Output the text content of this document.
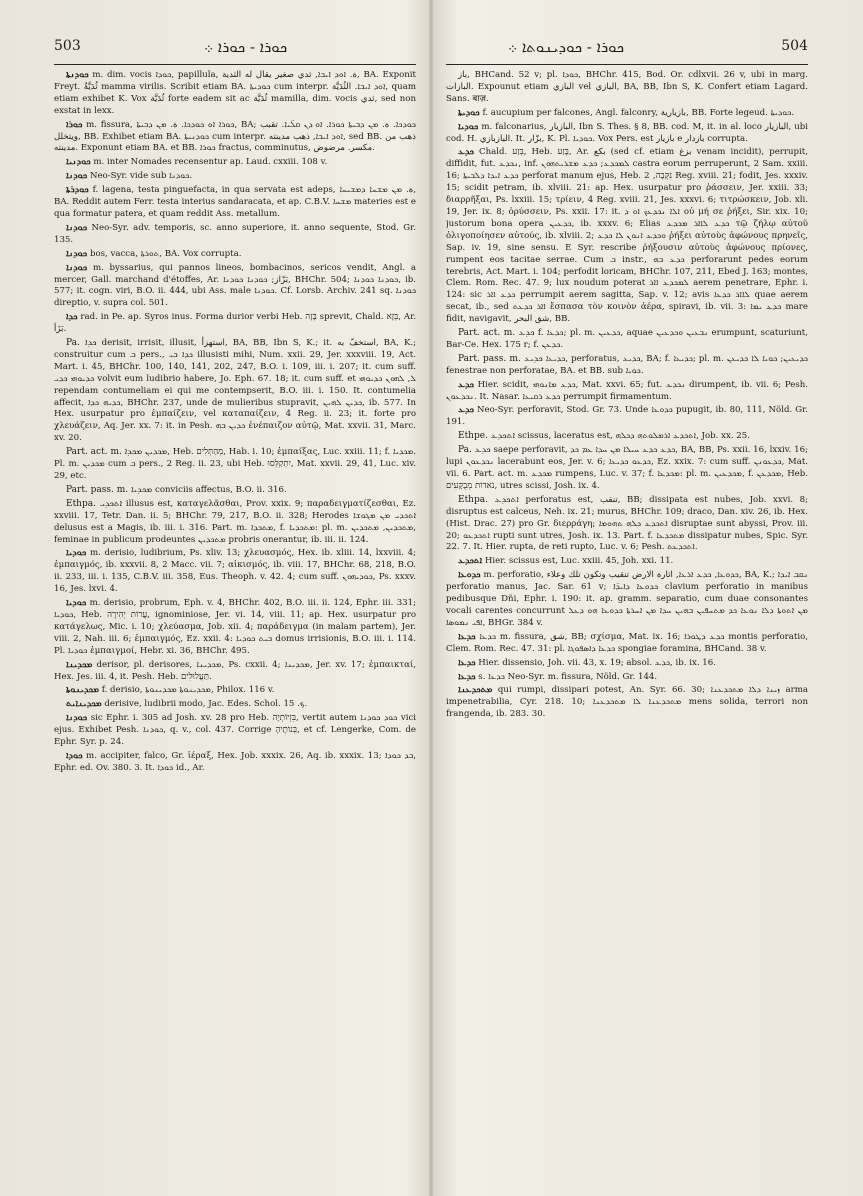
503	ܟܘܪܐ - ܟܘܪܐ ܀	ܟܘܪܐ - ܟܘܕܝܢܘܬܐ ܀	504

ܟܘܕܢܬܐ m. dim. vocis ܟܘܕܐ, papillula, ة. ܐܘܕ ܐܝܒܐ, ثدي صغير يقال له الثدية, BA. Exponit Freyt. ثُدَيَّةٌ mamma virilis. Scribit etiam BA. ܟܘܕܝܬܐ cum interpr. ܐܘܕ ܐܝܒܐ. الثُدَيَّة, quam etiam exhibet K. Vox ثُدَيَّة forte eadem sit ac ثُدَيَّة mamilla, dim. vocis ثدي, sed non exstat in lexx.

ܟܘܪܐ m. fissura, ܟܘܪܐ ܐܘ ܟܘܕܟܐ. ة. ܡܢ ܕܒܝܬܐ, BA; ܟܘܕܟܐ. ة. ܡܢ ܕܒܝܬܐ ܟܘܪܐ. ܐܘ ܕܢ ܩܠ̈ܝܐ. تقبب ويتخلل, BB. Exhibet etiam BA. ܟܘܕܢܝܬܐ cum interpr. ܐܘܕ ܐܝܒܐ, ذهب مدينته, sed BB. ذهب من مدينته. Exponunt etiam BA. et BB. ܟܘܪܐ fractus, comminutus, مكسر. مرضوض.

ܟܘܕܢܝܐ m. inter Nomades recensentur ap. Laud. cxxiii. 108 v.

ܟܘܕܢܐ Neo-Syr. vide sub ܟܘܕܢܐ.

ܟܘܕܪܬܐ f. lagena, testa pinguefacta, in qua servata est adeps, ة. ܡܢ ܡܫܚܐ ܕܡܫܝܚܐ, BA. Reddit autem Ferr. testa interius sandaracata, et ap. C.B.V. ܡܫܚܐ materies est e qua formatur patera, et quam reddit Ass. metallum.

ܟܘܕܢܐ Neo-Syr. adv. temporis, sc. anno superiore, it. anno sequente, Stod. Gr. 135.

ܟܘܕܢܐ bos, vacca, ܬܘܪܬܐ, BA. Vox corrupta.

ܟܘܕܢܐ m. byssarius, qui pannos lineos, bombacinos, sericos vendit, Angl. a mercer, Gall. marchand d'étoffes, Ar. بَزّاز; ܟܘܕܢܐ ܟܘܕܢܐ, BHChr. 504; ܟܘܕܢܐ ܟܘܕܢܐ, ib. 577; it. cogn. viri, B.O. ii. 444, ubi Ass. male ܟܘܕܢܐ. Cf. Lorsb. Archiv. 241 sq. ܟܘܕܢܐ direptio, v. supra col. 501.

ܟܕܐ rad. in Pe. ap. Syros inus. Forma durior verbi Heb. בָּזָה sprevit, Chald. בְּזָא, Ar. بَزَأ.

Pa. ܟܕܐ derisit, irrisit, illusit, استهزأ, BA, BB, Ibn S, K.; it. استخفّ به, BA, K.; construitur cum ܒ pers., ܟܕܐ ܒܝ illusisti mihi, Num. xxii. 29, Jer. xxxviii. 19, Act. Mart. i. 45, BHChr. 100, 140, 141, 202, 247, B.O. i. 109, iii. i. 207; it. cum suff. ܟܕܝܘܗܝ ܟܕܝ volvit eum ludibrio habere, Jo. Eph. 67. 18; it. cum suff. et ܠ, ܠܗܘܢ ܟܕܝܘܗܝ rependam contumeliam ei qui me contempserit, B.O. iii. i. 150. It. contumelia affecit, ܟܕܝܗ ܟܕܐ, BHChr. 237, unde de mulieribus stupravit, ܟܕܝܢ ܠܗܝܢ, ib. 577. In Hex. usurpatur pro ἐμπαίζειν, vel καταπαίζειν, 4 Reg. ii. 23; it. forte pro χλευάζειν, Aq. Jer. xx. 7: it. in Pesh. ܟܕܝܢ ܒܗ ἐνέπαιζον αὐτῷ, Mat. xxvii. 31, Marc. xv. 20.

Part. act. m. ܡܟܕܐ ܡܟܕܝܢ, Heb. מְהַתְּלִים, Hab. i. 10; ἐμπαίξας, Luc. xxiii. 11; f. ܡܟܕܝܐ. Pl. m. ܡܟܕܝܢ cum ܒ pers., 2 Reg. ii. 23, ubi Heb. יִתְקַלְּסוּ, Mat. xxvii. 29, 41, Luc. xiv. 29, etc.

Part. pass. m. ܡܟܕܝܐ conviciis affectus, B.O. ii. 316.

Ethpa. ܐܬܟܕܝ illusus est, καταγελᾶσθαι, Prov. xxix. 9; παραδειγματίζεσθαι, Ez. xxviii. 17, Tetr. Dan. ii. 5; BHChr. 79, 217, B.O. ii. 328; Herodes ܐܬܟܕܝ ܡܢ ܡܓܘܫܐ delusus est a Magis, ib. iii. i. 316. Part. m. ܡܬܟܕܐ, f. ܡܬܟܕܝܐ: pl. m. ܡܬܟܕܝܢ, ܡܬܟܕܝܢ, feminae in publicum prodeuntes ܡܬܟܕܝܢ probris onerantur, ib. iii. ii. 124.

ܟܘܕܝܐ m. derisio, ludibrium, Ps. xliv. 13; χλευασμός, Hex. ib. xliii. 14, lxxviii. 4; ἐμπαιγμός, ib. xxxvii. 8, 2 Macc. vii. 7; αἰκισμός, ib. viii. 17, BHChr. 68, 218, B.O. ii. 233, iii. i. 135, C.B.V. iii. 358, Eus. Theoph. v. 42. 4; cum suff. ܟܘܕܝܗܘܢ, Ps. xxxv. 16, Jes. lxvi. 4.

ܟܘܕܝܐ m. derisio, probrum, Eph. v. 4, BHChr. 402, B.O. iii. ii. 124, Ephr. iii. 331; ܟܘܕܝܐ, Heb. עֲרוֹת יְהִירָה, ignominiose, Jer. vi. 14, viii. 11; ap. Hex. usurpatur pro κατάγελως, Mic. i. 10; χλεύασμα, Job. xii. 4; παράδειγμα (in malam partem), Jer. viii. 2, Nah. iii. 6; ἐμπαιγμός, Ez. xxii. 4: ܒܝܬ ܟܘܕܝܐ domus irrisionis, B.O. iii. i. 114. Pl. ܟܘܕܝܐ ἐμπαιγμοί, Hebr. xi. 36, BHChr. 495.

ܡܟܕܝܢܐ derisor, pl. derisores, ܡܟܕܝܢܐ, Ps. cxxii. 4; ܡܟܕܝܢܐ, Jer. xv. 17; ἐμπαικταί, Hex. Jes. iii. 4, it. Pesh. Heb. תַּעֲלוּלִים.

ܡܟܕܝܢܘܬܐ f. derisio, ܡܟܕܝܢܘܬܐ ܡܟܕܝܢܘܬܐ, Philox. 116 v.

ܡܟܕܝܢܐܝܬ derisive, ludibrii modo, Jac. Edes. Schol. ܟ. 15.

ܟܘܕܢܐ sic Ephr. i. 305 ad Josh. xv. 28 pro Heb. בִּזְיוֹתְיָה, vertit autem ܟܘܕ ܟܘܕܢܐ vici ejus. Exhibet Pesh. ܟܘܕܢܐ, q. v., col. 437. Corrige בְּנוֹתֶיהָ, et cf. Lengerke, Com. de Ephr. Syr. p. 24.

ܟܘܕܐ m. accipiter, falco, Gr. ἱέραξ, Hex. Job. xxxix. 26, Aq. ib. xxxix. 13; ܒܕ ܟܘܕܐ, Ephr. ed. Ov. 380. 3. It. ܟܘܕܐ id., Ar.

باز, BHCand. 52 v; pl. ܟܘܕܐ, BHChr. 415, Bod. Or. cdlxvii. 26 v, ubi in marg. البازات. Expounut etiam البازي vel البازي, BA, BB, Ibn S, K. Confert etiam Lagard. Sans. बाज़.

ܟܘܕܝܬܐ f. aucupium per falcones, Angl. falconry, بازيارية, BB. Forte legeud. ܟܘܕܝܬܐ.

ܟܘܕܝܐ m. falconarius, البازيار, Ibn S. Thes. § 8, BB. cod. M, it. in al. loco البازيار, ubi cod. H. البازبازي. It. بزّار, K. Pl. ܟܘܕܝܐ. Vox Pers. est بازيار e بازدار corrupta.

ܟܕܥ Chald. בְּזַע, Heb. בָּזַע, Ar. بكع (sed cf. etiam بزغ venam incidit), perrupit, diffidit, fut. ܢܟܕܥ, inf. ܠܡܟܕܥ; ܟܕܥ ܡܫܪܝܬܗܘܢ castra eorum perruperunt, 2 Sam. xxiii. 16; ܟܕܥ ܐܝܕܐ ܕܠܒܝܬܐ perforat manum ejus, Heb. נִקְּבָה, 2 Reg. xviii. 21; fodit, Jes. xxxiv. 15; scidit petram, ib. xlviii. 21: ap. Hex. usurpatur pro ῥάσσειν, Jer. xxiii. 33; διαρρῆξαι, Ps. lxxiii. 15; τρίειν, 4 Reg. xviii. 21, Jes. xxxvi. 6; τιτρώσκειν, Job. xli. 19, Jer. ix. 8; ὀρύσσειν, Ps. xxii. 17: it. ܐܠܐ ܢܟܕܥܟ ܐܘ ܕ οὐ μή σε ῥήξει, Sir. xix. 10; justorum bona opera ܟܕܥܝܢ, ib. xxxv. 6; Elias ܟܕܥ ܠܐܐܪ ܡܟܕܥ τῷ ζήλῳ αὐτοῦ ὀλιγοποίησεν αὐτούς, ib. xlviii. 2; ܘܟܕܥ ܐܢܘܢ ܠܐ ܟܕܥ ῥήξει αὐτοὺς ἀφώνους πρηνεῖς, Sap. iv. 19, sine sensu. E Syr. rescribe ῥήξουσιν αὐτοὺς ἀφώνους πρίονες, rumpent eos tacitae serrae. Cum ܒ instr., ܟܕܥ ܒܗ perforarunt pedes eorum terebris, Act. Mart. i. 104; perfodit loricam, BHChr. 107, 211, Ebed J. 163; montes, Clem. Rom. Rec. 47. 9; lux noudum poterat ܠܡܟܕܥ ܐܐܪ aerem penetrare, Ephr. i. 124: sic ܟܕܥ ܐܐܪ perrumpit aerem sagitta, Sap. v. 12; avis ܠܐܐܪ ܟܕܥܐ quae aerem secat, ib., sed ܐܐܪ ܟܕܥܬ ἔσπασα τὸν κοινὸν ἀέρα, spiravi, ib. vii. 3: ܟܕܥ ܝܡܐ mare fidit, navigavit, شق البحر, BB.

Part. act. m. ܟܕܥ f. ܟܕܥܐ; pl. m. ܟܕܥܝܢ, aquae ܢܒܥܝܢ ܘܟܕܥܝܢ erumpunt, scaturiunt, Bar-Ce. Hex. 175 r; f. ܟܕܥܢ.

Part. pass. m. ܟܕܝܥ ܟܕܝܥܐ, perforatus, ܟܕܝܥ, BA; f. ܟܕܝܥܐ; pl. m. ܟܕܝܥܝܢ; ܟܘܝܐ ܠܐ ܟܕܝܥܢ fenestrae non perforatae, BA. et BB. sub ܟܘܝܐ.

ܟܕܥ Hier. scidit, ܟܕܥ ܡܐܢܘܗܝ, Mat. xxvi. 65; fut. ܢܟܕܥ dirumpent, ib. vii. 6; Pesh. ܢܟܕܥܘܢ. It. Nasar. ܟܕܥ ܪܩܝܥܐ perrumpit firmamentum.

ܟܕܥ Neo-Syr. perforavit, Stod. Gr. 73. Unde ܟܕܘܥܐ pupugit, ib. 80, 111, Nöld. Gr. 191.

Ethpe. ܐܬܟܕܥ scissus, laceratus est, ܐܬܟܕܥ ܐܪܡܠܘܬܗ ܕܟܠܗ, Job. xx. 25.

Pa. ܟܕܥ saepe perforavit, ܟܕܥ ܟܕܥ ܚܝܠܐ ܡܢ ܚܕܐ ܥܡ ܟܕ, BA, BB, Ps. xxii. 16, lxxiv. 16; lupi ܢܟܕܥܘܢ lacerabunt eos, Jer. v. 6; ܟܕܥܘ ܟܕܝܥܐ, Ez. xxix. 7: cum suff. ܟܕܥܘܢܢ, Mat. vii. 6. Part. act. m. ܡܟܕܥ rumpens, Luc. v. 37; f. ܡܟܕܥܐ: pl. m. ܡܟܕܥܝܢ, f. ܡܟܕܥܢ, Heb. נֹאדוֹת מְבֻקָּעִים, utres scissi, Josh. ix. 4.

Ethpa. ܐܬܟܕܥ perforatus est, تنقب, BB; dissipata est nubes, Job. xxvi. 8; disruptus est calceus, Neh. ix. 21; murus, BHChr. 109; draco, Dan. xiv. 26, ib. Hex. (Hist. Drac. 27) pro Gr. διερράγη; ܐܬܟܕܥ ܟܠܗ ܬܗܘܡܐ disruptae sunt abyssi, Prov. iii. 20; ܐܬܟܕܥܘ rupti sunt utres, Josh. ix. 13. Part. f. ܡܬܟܕܥܐ dissipatur nubes, Spic. Syr. 22. 7. It. Hier. rupta, de reti rupto, Luc. v. 6; Pesh. ܐܬܟܕܥܬ.

ܐܬܟܕܥ Hier. scissus est, Luc. xxiii. 45, Joh. xxi. 11.

ܟܕܘܥܐ m. perforatio, ܟܕܘܥܐ, ܟܕܥ ܐܪܥܐ, اثارة الارض تنقيب وتكون تلك وعلاء, BA, K.; ܢܩܒ ܐܝܕܐ perforatio manus, Jac. Sar. 61 v; ܟܕܘܥܐ ܕܐܝܕ̈ܐ clavium perforatio in manibus pedibusque Dñi, Ephr. i. 190: it. ap. gramm. separatio, cum duae consonantes vocali carentes concurrunt ܡܢ ܐܬܘܬܐ ܕܠܐ ܢܘܥܐ ܟܕ ܡܬܚܦܝܢ ܒܗܝܢ ܚܕܐ ܡܢ ܐܚܪܬܐ ܟܕܘܥܐ ܗܘ ܕܥܠ ܐܦܝ ܢܡܘܣܐ, BHGr. 384 v.

ܟܕܥܐ ܟܕܥܐ m. fissura, شق, BB; σχίσμα, Mat. ix. 16; ܟܕܥ ܕܛܘܪܐ montis perforatio, Clem. Rom. Rec. 47. 31: pl. ܟܕܥܐ ܕܐܣܦܘܓܐ spongiae foramina, BHCand. 38 v.

ܟܕܥܐ Hier. dissensio, Joh. vii. 43, x. 19; absol. ܟܕܥ, ib. ix. 16.

ܟܕܥܐ s. ܟܕܥܐ Neo-Syr. m. fissura, Nöld. Gr. 144.

ܡܬܟܕܥܢܐ qui rumpi, dissipari potest, An. Syr. 66. 30; ܙܝܢܐ ܕܠܐ ܡܬܟܕܥܢܐ arma impenetrabilia, Cyr. 218. 10; ܡܬܟܕܥܢܐ ܠܐ ܡܬܟܕܥܢܐ mens solida, terrori non frangenda, ib. 283. 30.
